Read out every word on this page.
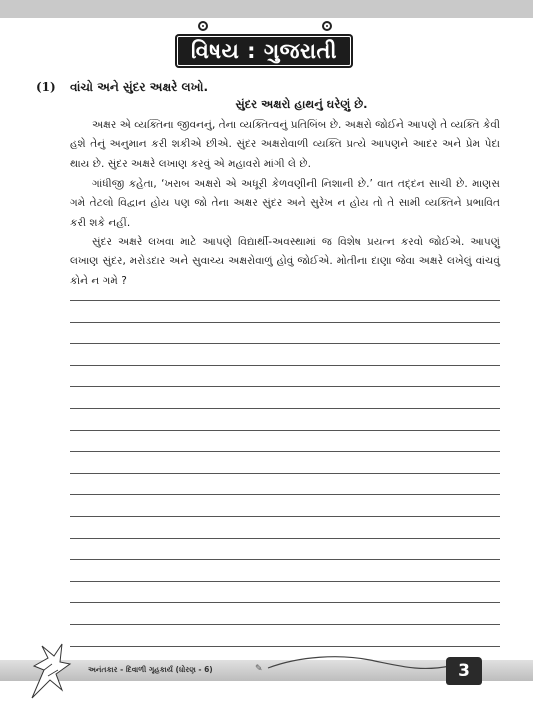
વિષય : ગુજરાતી
(1) વાંચો અને સુંદર અક્ષરે લખો.
સુંદર અક્ષરો હાથનું ઘરેણું છે.

અક્ષર એ વ્યક્તિના જીવનનું, તેના વ્યક્તિત્વનું પ્રતિબિંબ છે. અક્ષરો જોઈને આપણે તે વ્યક્તિ કેવી હશે તેનું અનુમાન કરી શકીએ છીએ. સુંદર અક્ષરોવાળી વ્યક્તિ પ્રત્યે આપણને આદર અને પ્રેમ પેદા થાય છે. સુંદર અક્ષરે લખાણ કરવું એ મહાવરો માંગી લે છે.

ગાંધીજી કહેતા, ‘ખરાબ અક્ષરો એ અધૂરી કેળવણીની નિશાની છે.’ વાત તદ્દન સાચી છે. માણસ ગમે તેટલો વિદ્વાન હોય પણ જો તેના અક્ષર સુંદર અને સુરેખ ન હોય તો તે સામી વ્યક્તિને પ્રભાવિત કરી શકે નહીં.

સુંદર અક્ષરે લખવા માટે આપણે વિદ્યાર્થી-અવસ્થામાં જ વિશેષ પ્રયત્ન કરવો જોઈએ. આપણું લખાણ સુંદર, મરોડદાર અને સુવાચ્ય અક્ષરોવાળું હોવું જોઈએ. મોતીના દાણા જેવા અક્ષરે લખેલું વાંચવું કોને ન ગમે ?

અનંતકાર - દિવાળી ગૃહકાર્ય (ધોરણ - 6)	✎	3
